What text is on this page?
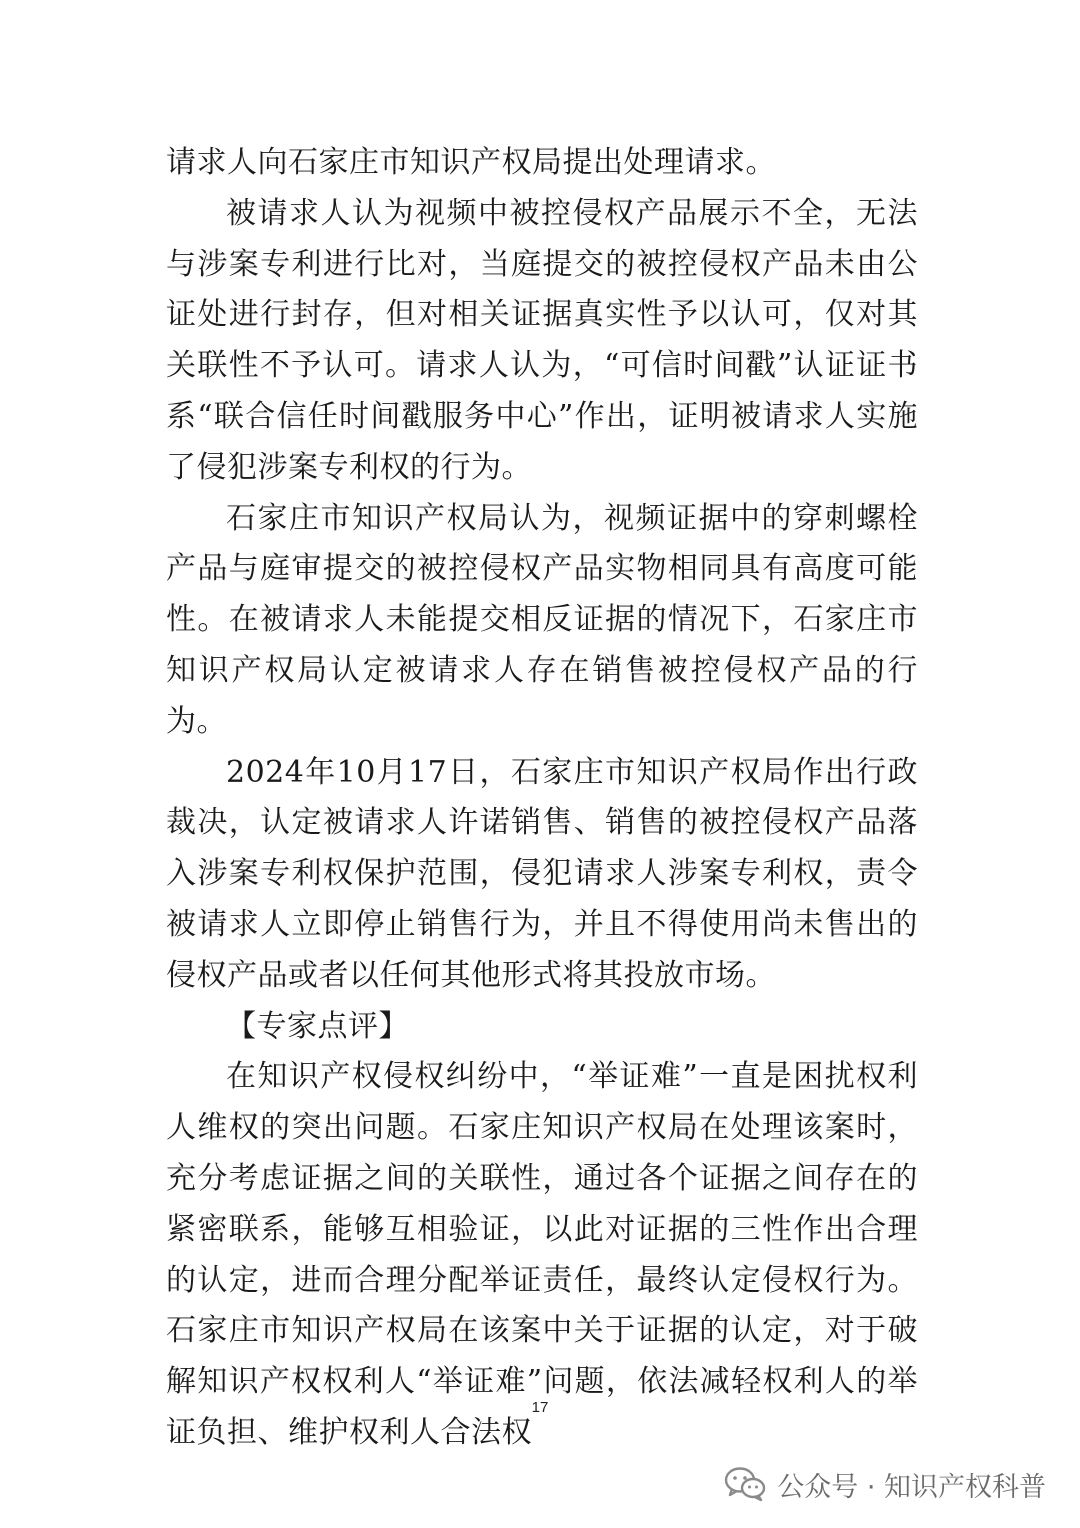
请求人向石家庄市知识产权局提出处理请求。

被请求人认为视频中被控侵权产品展示不全，无法与涉案专利进行比对，当庭提交的被控侵权产品未由公证处进行封存，但对相关证据真实性予以认可，仅对其关联性不予认可。请求人认为，“可信时间戳”认证证书系“联合信任时间戳服务中心”作出，证明被请求人实施了侵犯涉案专利权的行为。

石家庄市知识产权局认为，视频证据中的穿刺螺栓产品与庭审提交的被控侵权产品实物相同具有高度可能性。在被请求人未能提交相反证据的情况下，石家庄市知识产权局认定被请求人存在销售被控侵权产品的行为。

2024年10月17日，石家庄市知识产权局作出行政裁决，认定被请求人许诺销售、销售的被控侵权产品落入涉案专利权保护范围，侵犯请求人涉案专利权，责令被请求人立即停止销售行为，并且不得使用尚未售出的侵权产品或者以任何其他形式将其投放市场。

【专家点评】

在知识产权侵权纠纷中，“举证难”一直是困扰权利人维权的突出问题。石家庄知识产权局在处理该案时，充分考虑证据之间的关联性，通过各个证据之间存在的紧密联系，能够互相验证，以此对证据的三性作出合理的认定，进而合理分配举证责任，最终认定侵权行为。石家庄市知识产权局在该案中关于证据的认定，对于破解知识产权权利人“举证难”问题，依法减轻权利人的举证负担、维护权利人合法权

17
公众号 · 知识产权科普
